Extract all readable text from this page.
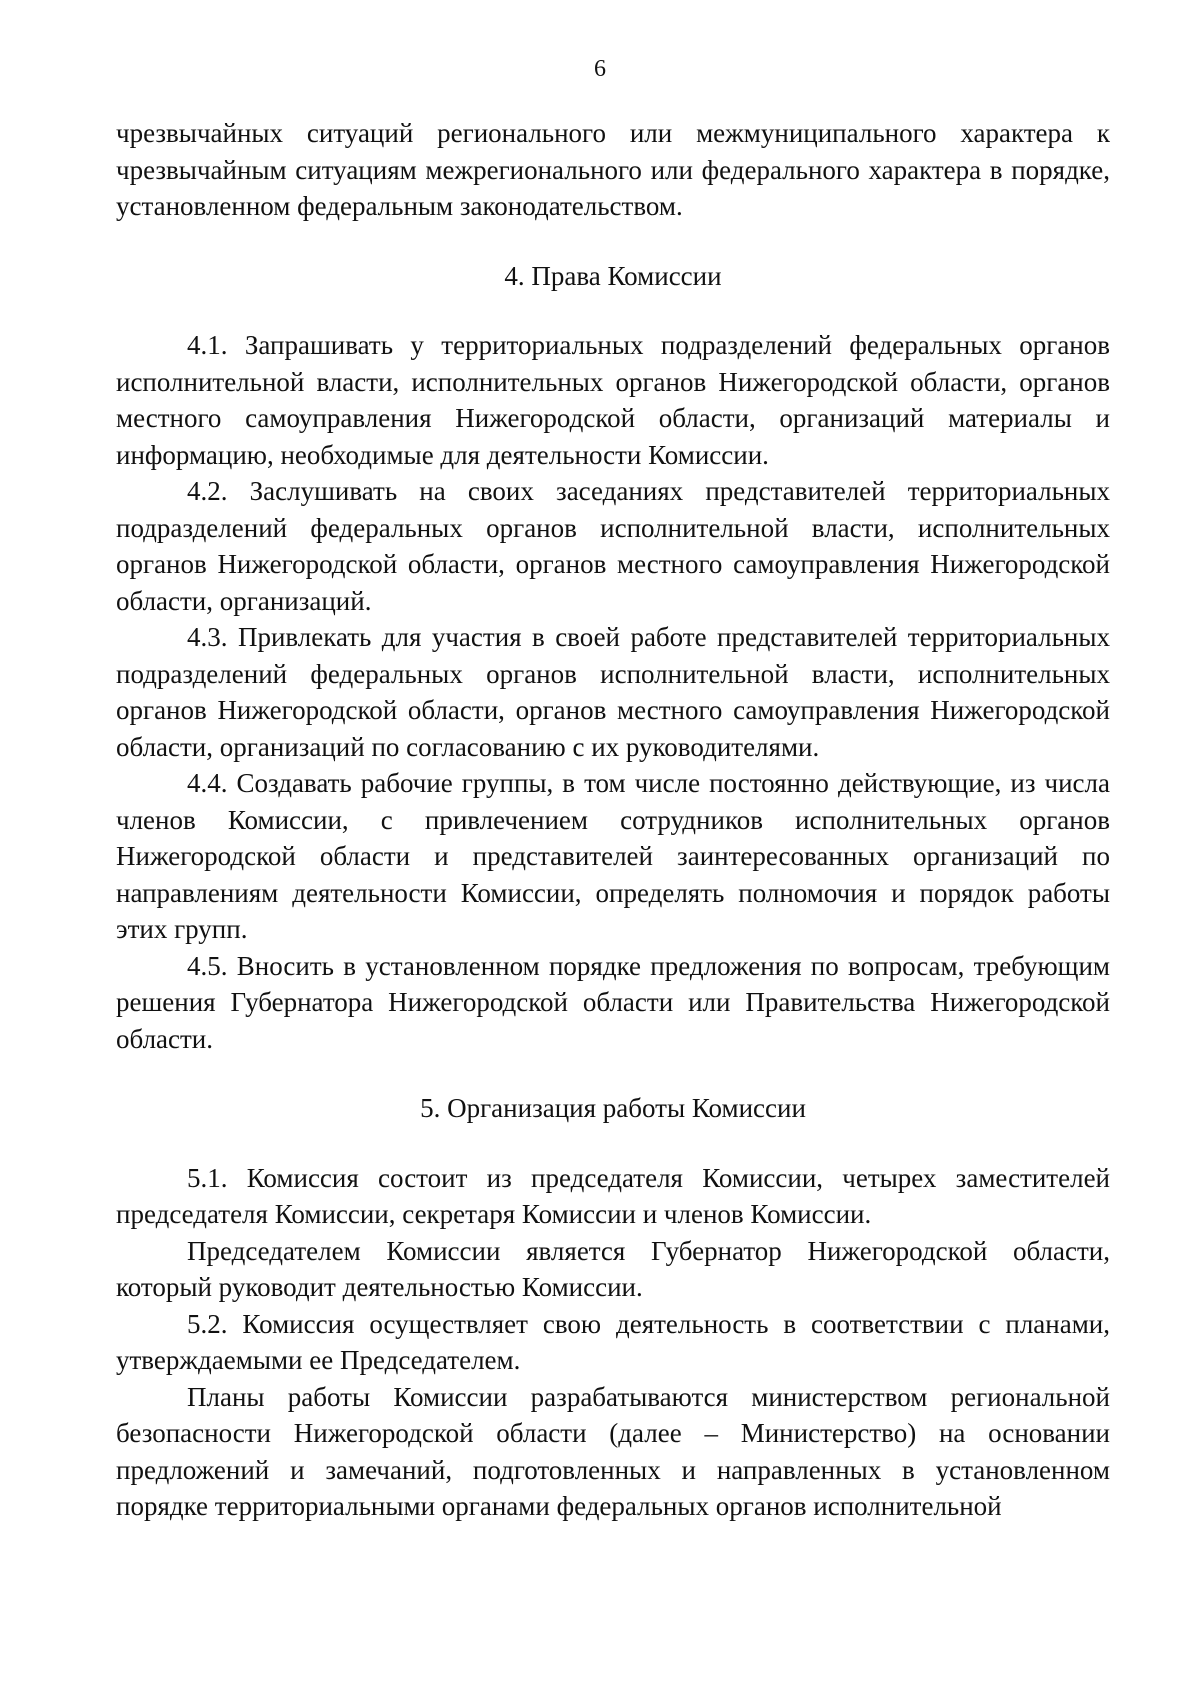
6

чрезвычайных ситуаций регионального или межмуниципального характера к чрезвычайным ситуациям межрегионального или федерального характера в порядке, установленном федеральным законодательством.

4. Права Комиссии

4.1. Запрашивать у территориальных подразделений федеральных органов исполнительной власти, исполнительных органов Нижегородской области, органов местного самоуправления Нижегородской области, организаций материалы и информацию, необходимые для деятельности Комиссии.

4.2. Заслушивать на своих заседаниях представителей территориальных подразделений федеральных органов исполнительной власти, исполнительных органов Нижегородской области, органов местного самоуправления Нижегородской области, организаций.

4.3. Привлекать для участия в своей работе представителей территориальных подразделений федеральных органов исполнительной власти, исполнительных органов Нижегородской области, органов местного самоуправления Нижегородской области, организаций по согласованию с их руководителями.

4.4. Создавать рабочие группы, в том числе постоянно действующие, из числа членов Комиссии, с привлечением сотрудников исполнительных органов Нижегородской области и представителей заинтересованных организаций по направлениям деятельности Комиссии, определять полномочия и порядок работы этих групп.

4.5. Вносить в установленном порядке предложения по вопросам, требующим решения Губернатора Нижегородской области или Правительства Нижегородской области.

5. Организация работы Комиссии

5.1. Комиссия состоит из председателя Комиссии, четырех заместителей председателя Комиссии, секретаря Комиссии и членов Комиссии.

Председателем Комиссии является Губернатор Нижегородской области, который руководит деятельностью Комиссии.

5.2. Комиссия осуществляет свою деятельность в соответствии с планами, утверждаемыми ее Председателем.

Планы работы Комиссии разрабатываются министерством региональной безопасности Нижегородской области (далее – Министерство) на основании предложений и замечаний, подготовленных и направленных в установленном порядке территориальными органами федеральных органов исполнительной
